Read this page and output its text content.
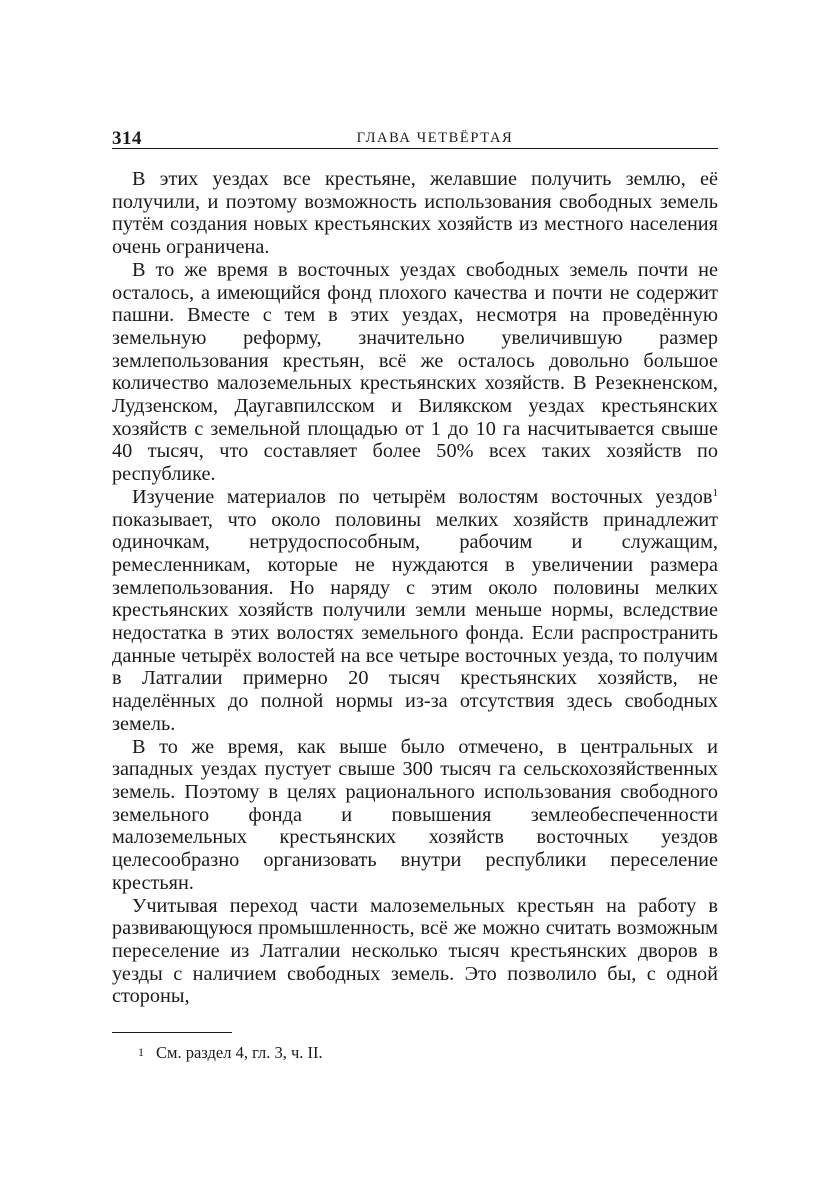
314	ГЛАВА ЧЕТВЁРТАЯ

В этих уездах все крестьяне, желавшие получить землю, её получили, и поэтому возможность использования свободных земель путём создания новых крестьянских хозяйств из местного населения очень ограничена.

В то же время в восточных уездах свободных земель почти не осталось, а имеющийся фонд плохого качества и почти не содержит пашни. Вместе с тем в этих уездах, несмотря на проведённую земельную реформу, значительно увеличившую размер землепользования крестьян, всё же осталось довольно большое количество малоземельных крестьянских хозяйств. В Резекненском, Лудзенском, Даугавпилсском и Вилякском уездах крестьянских хозяйств с земельной площадью от 1 до 10 га насчитывается свыше 40 тысяч, что составляет более 50% всех таких хозяйств по республике.

Изучение материалов по четырём волостям восточных уездов$^1$ показывает, что около половины мелких хозяйств принадлежит одиночкам, нетрудоспособным, рабочим и служащим, ремесленникам, которые не нуждаются в увеличении размера землепользования. Но наряду с этим около половины мелких крестьянских хозяйств получили земли меньше нормы, вследствие недостатка в этих волостях земельного фонда. Если распространить данные четырёх волостей на все четыре восточных уезда, то получим в Латгалии примерно 20 тысяч крестьянских хозяйств, не наделённых до полной нормы из-за отсутствия здесь свободных земель.

В то же время, как выше было отмечено, в центральных и западных уездах пустует свыше 300 тысяч га сельскохозяйственных земель. Поэтому в целях рационального использования свободного земельного фонда и повышения землеобеспеченности малоземельных крестьянских хозяйств восточных уездов целесообразно организовать внутри республики переселение крестьян.

Учитывая переход части малоземельных крестьян на работу в развивающуюся промышленность, всё же можно считать возможным переселение из Латгалии несколько тысяч крестьянских дворов в уезды с наличием свободных земель. Это позволило бы, с одной стороны,

1 См. раздел 4, гл. 3, ч. II.
